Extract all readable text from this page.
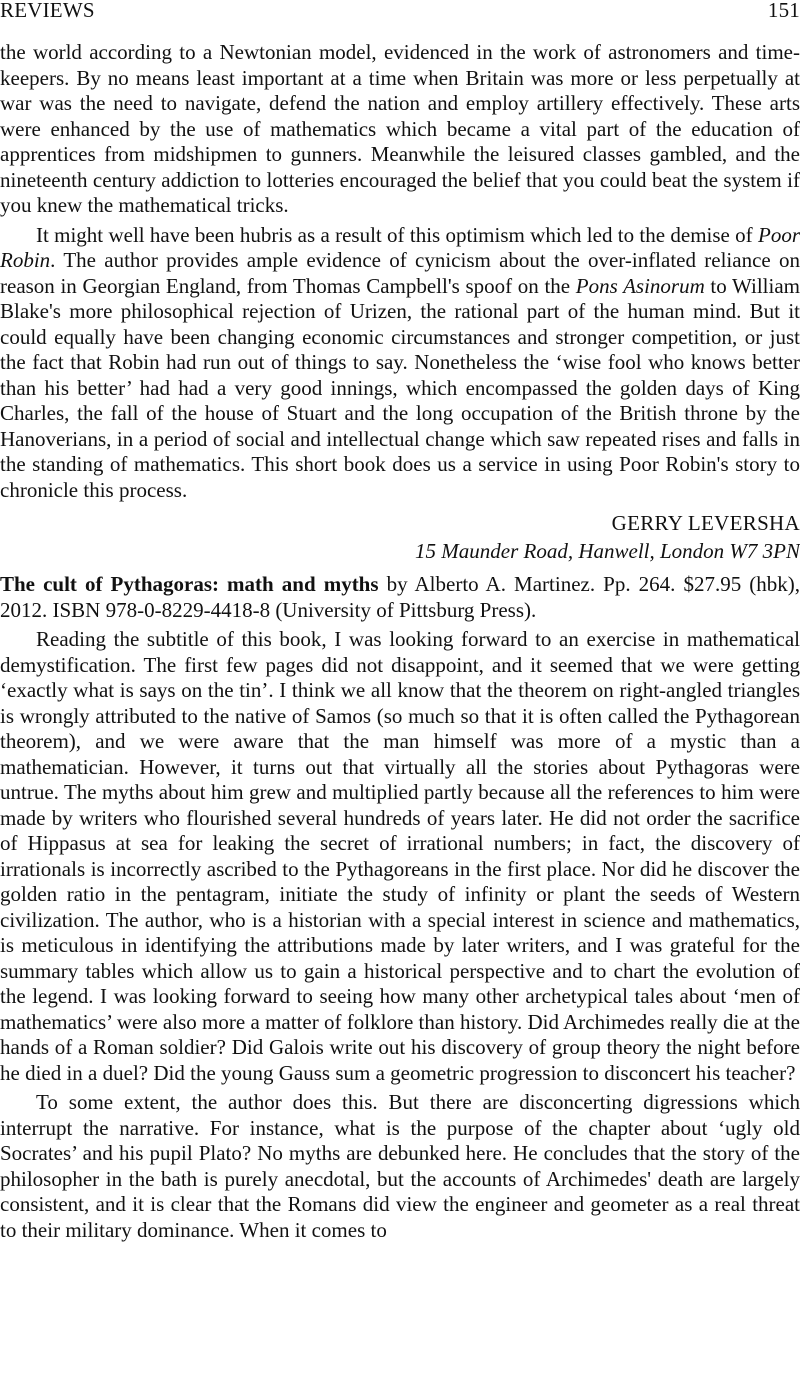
REVIEWS	151

the world according to a Newtonian model, evidenced in the work of astronomers and time-keepers. By no means least important at a time when Britain was more or less perpetually at war was the need to navigate, defend the nation and employ artillery effectively. These arts were enhanced by the use of mathematics which became a vital part of the education of apprentices from midshipmen to gunners. Meanwhile the leisured classes gambled, and the nineteenth century addiction to lotteries encouraged the belief that you could beat the system if you knew the mathematical tricks.

It might well have been hubris as a result of this optimism which led to the demise of Poor Robin. The author provides ample evidence of cynicism about the over-inflated reliance on reason in Georgian England, from Thomas Campbell's spoof on the Pons Asinorum to William Blake's more philosophical rejection of Urizen, the rational part of the human mind. But it could equally have been changing economic circumstances and stronger competition, or just the fact that Robin had run out of things to say. Nonetheless the ‘wise fool who knows better than his better’ had had a very good innings, which encompassed the golden days of King Charles, the fall of the house of Stuart and the long occupation of the British throne by the Hanoverians, in a period of social and intellectual change which saw repeated rises and falls in the standing of mathematics. This short book does us a service in using Poor Robin's story to chronicle this process.

GERRY LEVERSHA
15 Maunder Road, Hanwell, London W7 3PN
The cult of Pythagoras: math and myths by Alberto A. Martinez. Pp. 264. $27.95 (hbk), 2012. ISBN 978-0-8229-4418-8 (University of Pittsburg Press).

Reading the subtitle of this book, I was looking forward to an exercise in mathematical demystification. The first few pages did not disappoint, and it seemed that we were getting ‘exactly what is says on the tin’. I think we all know that the theorem on right-angled triangles is wrongly attributed to the native of Samos (so much so that it is often called the Pythagorean theorem), and we were aware that the man himself was more of a mystic than a mathematician. However, it turns out that virtually all the stories about Pythagoras were untrue. The myths about him grew and multiplied partly because all the references to him were made by writers who flourished several hundreds of years later. He did not order the sacrifice of Hippasus at sea for leaking the secret of irrational numbers; in fact, the discovery of irrationals is incorrectly ascribed to the Pythagoreans in the first place. Nor did he discover the golden ratio in the pentagram, initiate the study of infinity or plant the seeds of Western civilization. The author, who is a historian with a special interest in science and mathematics, is meticulous in identifying the attributions made by later writers, and I was grateful for the summary tables which allow us to gain a historical perspective and to chart the evolution of the legend. I was looking forward to seeing how many other archetypical tales about ‘men of mathematics’ were also more a matter of folklore than history. Did Archimedes really die at the hands of a Roman soldier? Did Galois write out his discovery of group theory the night before he died in a duel? Did the young Gauss sum a geometric progression to disconcert his teacher?

To some extent, the author does this. But there are disconcerting digressions which interrupt the narrative. For instance, what is the purpose of the chapter about ‘ugly old Socrates’ and his pupil Plato? No myths are debunked here. He concludes that the story of the philosopher in the bath is purely anecdotal, but the accounts of Archimedes' death are largely consistent, and it is clear that the Romans did view the engineer and geometer as a real threat to their military dominance. When it comes to
